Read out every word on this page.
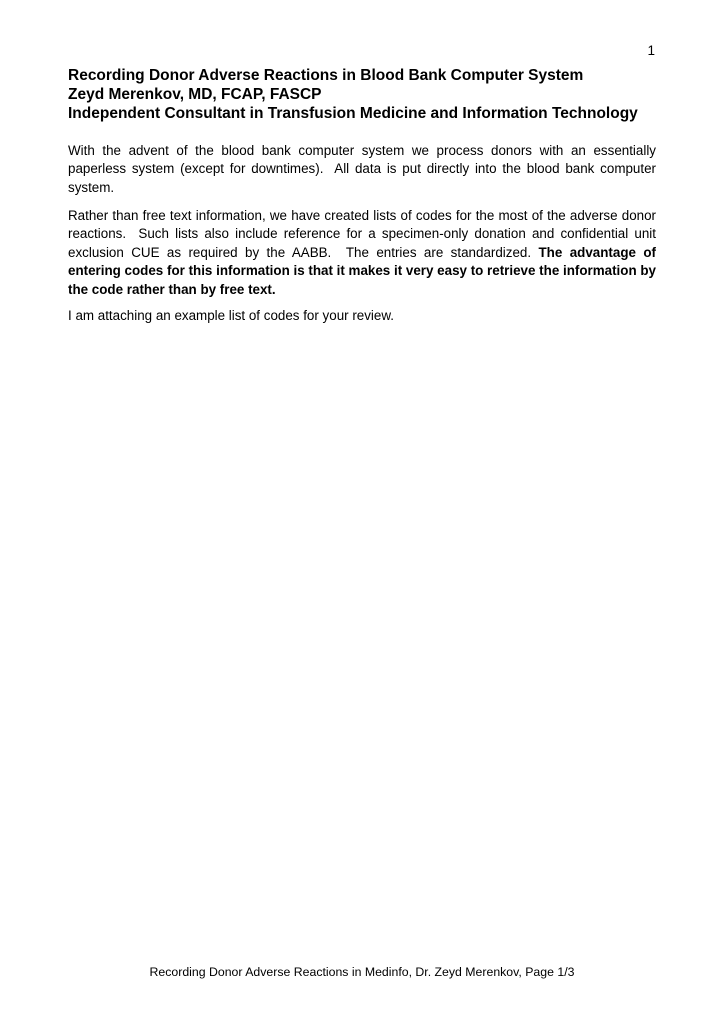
1
Recording Donor Adverse Reactions in Blood Bank Computer System
Zeyd Merenkov, MD, FCAP, FASCP
Independent Consultant in Transfusion Medicine and Information Technology

With the advent of the blood bank computer system we process donors with an essentially paperless system (except for downtimes).  All data is put directly into the blood bank computer system.

Rather than free text information, we have created lists of codes for the most of the adverse donor reactions.  Such lists also include reference for a specimen-only donation and confidential unit exclusion CUE as required by the AABB.  The entries are standardized. The advantage of entering codes for this information is that it makes it very easy to retrieve the information by the code rather than by free text.

I am attaching an example list of codes for your review.

Recording Donor Adverse Reactions in Medinfo, Dr. Zeyd Merenkov, Page 1/3
